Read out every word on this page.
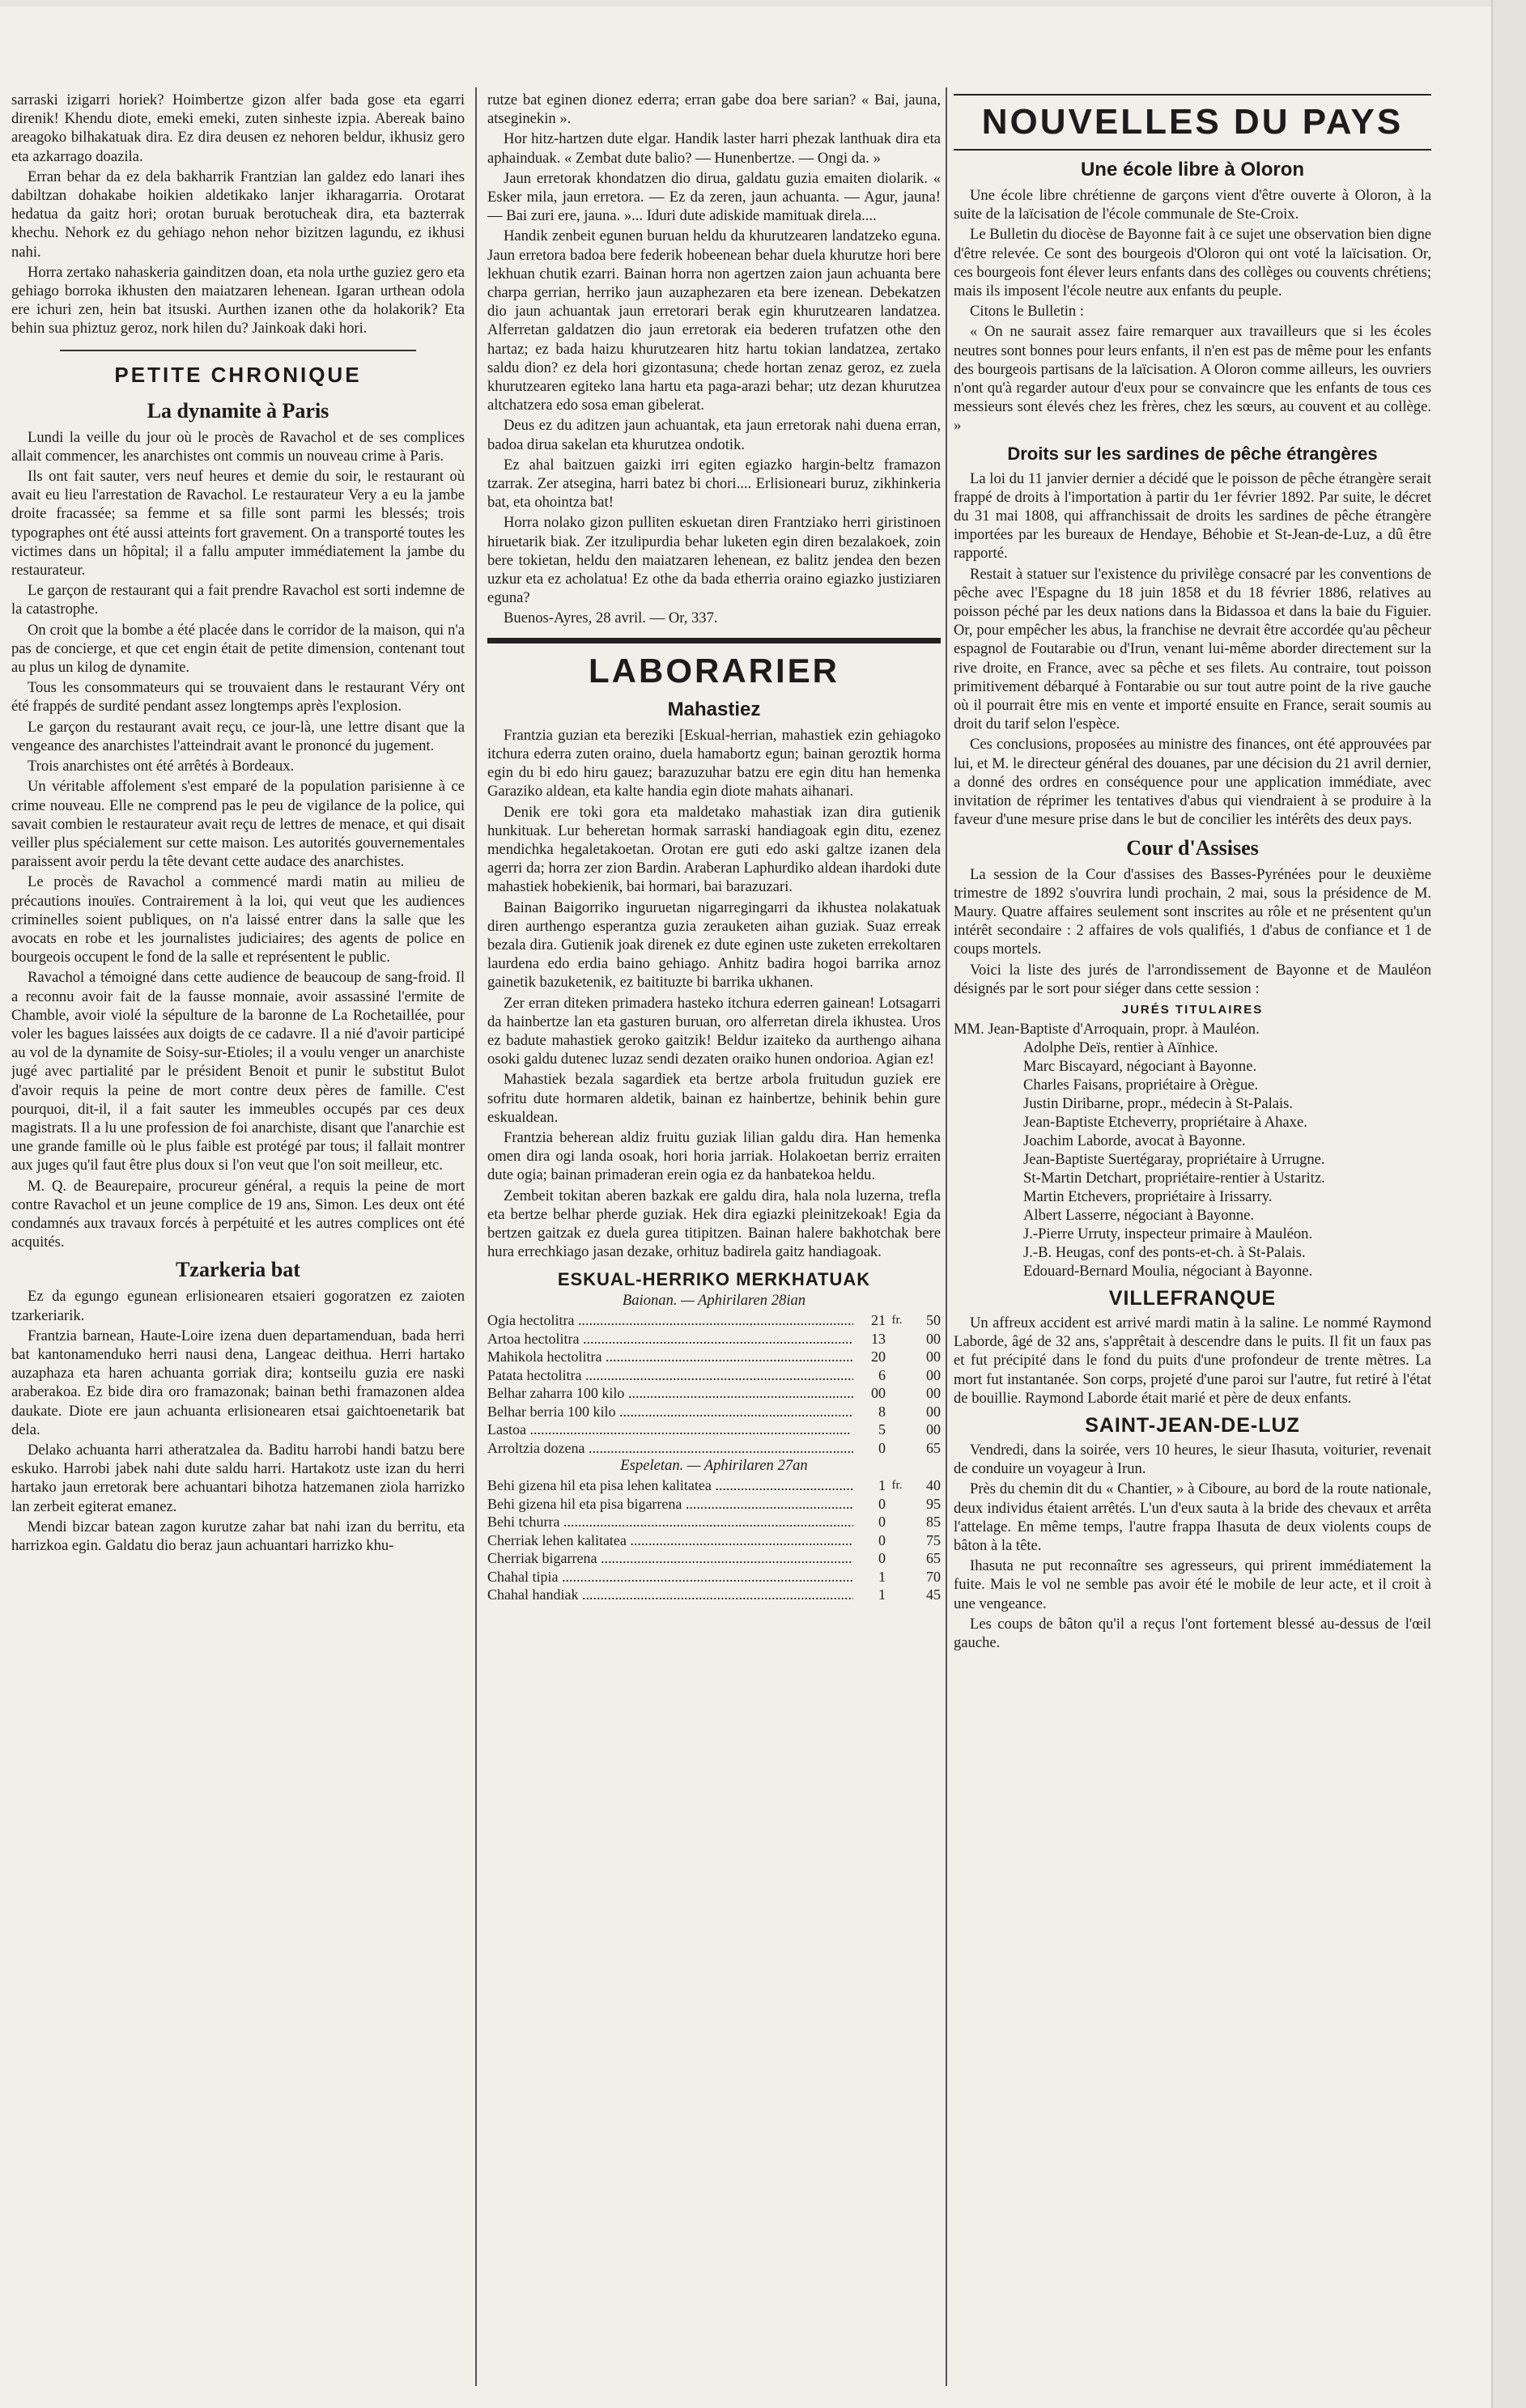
sarraski izigarri horiek? Hoimbertze gizon alfer bada gose eta egarri direnik! Khendu diote, emeki emeki, zuten sinheste izpia. Abereak baino areagoko bilhakatuak dira. Ez dira deusen ez nehoren beldur, ikhusiz gero eta azkarrago doazila.

Erran behar da ez dela bakharrik Frantzian lan galdez edo lanari ihes dabiltzan dohakabe hoikien aldetikako lanjer ikharagarria. Orotarat hedatua da gaitz hori; orotan buruak berotucheak dira, eta bazterrak khechu. Nehork ez du gehiago nehon nehor bizitzen lagundu, ez ikhusi nahi.

Horra zertako nahaskeria gainditzen doan, eta nola urthe guziez gero eta gehiago borroka ikhusten den maiatzaren lehenean. Igaran urthean odola ere ichuri zen, hein bat itsuski. Aurthen izanen othe da holakorik? Eta behin sua phiztuz geroz, nork hilen du? Jainkoak daki hori.

PETITE CHRONIQUE
La dynamite à Paris

Lundi la veille du jour où le procès de Ravachol et de ses complices allait commencer, les anarchistes ont commis un nouveau crime à Paris.

Ils ont fait sauter, vers neuf heures et demie du soir, le restaurant où avait eu lieu l'arrestation de Ravachol. Le restaurateur Very a eu la jambe droite fracassée; sa femme et sa fille sont parmi les blessés; trois typographes ont été aussi atteints fort gravement. On a transporté toutes les victimes dans un hôpital; il a fallu amputer immédiatement la jambe du restaurateur.

Le garçon de restaurant qui a fait prendre Ravachol est sorti indemne de la catastrophe.

On croit que la bombe a été placée dans le corridor de la maison, qui n'a pas de concierge, et que cet engin était de petite dimension, contenant tout au plus un kilog de dynamite.

Tous les consommateurs qui se trouvaient dans le restaurant Véry ont été frappés de surdité pendant assez longtemps après l'explosion.

Le garçon du restaurant avait reçu, ce jour-là, une lettre disant que la vengeance des anarchistes l'atteindrait avant le prononcé du jugement.

Trois anarchistes ont été arrêtés à Bordeaux.

Un véritable affolement s'est emparé de la population parisienne à ce crime nouveau. Elle ne comprend pas le peu de vigilance de la police, qui savait combien le restaurateur avait reçu de lettres de menace, et qui disait veiller plus spécialement sur cette maison. Les autorités gouvernementales paraissent avoir perdu la tête devant cette audace des anarchistes.

Le procès de Ravachol a commencé mardi matin au milieu de précautions inouïes. Contrairement à la loi, qui veut que les audiences criminelles soient publiques, on n'a laissé entrer dans la salle que les avocats en robe et les journalistes judiciaires; des agents de police en bourgeois occupent le fond de la salle et représentent le public.

Ravachol a témoigné dans cette audience de beaucoup de sang-froid. Il a reconnu avoir fait de la fausse monnaie, avoir assassiné l'ermite de Chamble, avoir violé la sépulture de la baronne de La Rochetaillée, pour voler les bagues laissées aux doigts de ce cadavre. Il a nié d'avoir participé au vol de la dynamite de Soisy-sur-Etioles; il a voulu venger un anarchiste jugé avec partialité par le président Benoit et punir le substitut Bulot d'avoir requis la peine de mort contre deux pères de famille. C'est pourquoi, dit-il, il a fait sauter les immeubles occupés par ces deux magistrats. Il a lu une profession de foi anarchiste, disant que l'anarchie est une grande famille où le plus faible est protégé par tous; il fallait montrer aux juges qu'il faut être plus doux si l'on veut que l'on soit meilleur, etc.

M. Q. de Beaurepaire, procureur général, a requis la peine de mort contre Ravachol et un jeune complice de 19 ans, Simon. Les deux ont été condamnés aux travaux forcés à perpétuité et les autres complices ont été acquités.

Tzarkeria bat

Ez da egungo egunean erlisionearen etsaieri gogoratzen ez zaioten tzarkeriarik.

Frantzia barnean, Haute-Loire izena duen departamenduan, bada herri bat kantonamenduko herri nausi dena, Langeac deithua. Herri hartako auzaphaza eta haren achuanta gorriak dira; kontseilu guzia ere naski araberakoa. Ez bide dira oro framazonak; bainan bethi framazonen aldea daukate. Diote ere jaun achuanta erlisionearen etsai gaichtoenetarik bat dela.

Delako achuanta harri atheratzalea da. Baditu harrobi handi batzu bere eskuko. Harrobi jabek nahi dute saldu harri. Hartakotz uste izan du herri hartako jaun erretorak bere achuantari bihotza hatzemanen ziola harrizko lan zerbeit egiterat emanez.

Mendi bizcar batean zagon kurutze zahar bat nahi izan du berritu, eta harrizkoa egin. Galdatu dio beraz jaun achuantari harrizko khu-

rutze bat eginen dionez ederra; erran gabe doa bere sarian? « Bai, jauna, atseginekin ».

Hor hitz-hartzen dute elgar. Handik laster harri phezak lanthuak dira eta aphainduak. « Zembat dute balio? — Hunenbertze. — Ongi da. »

Jaun erretorak khondatzen dio dirua, galdatu guzia emaiten diolarik. « Esker mila, jaun erretora. — Ez da zeren, jaun achuanta. — Agur, jauna! — Bai zuri ere, jauna. »... Iduri dute adiskide mamituak direla....

Handik zenbeit egunen buruan heldu da khurutzearen landatzeko eguna. Jaun erretora badoa bere federik hobeenean behar duela khurutze hori bere lekhuan chutik ezarri. Bainan horra non agertzen zaion jaun achuanta bere charpa gerrian, herriko jaun auzaphezaren eta bere izenean. Debekatzen dio jaun achuantak jaun erretorari berak egin khurutzearen landatzea. Alferretan galdatzen dio jaun erretorak eia bederen trufatzen othe den hartaz; ez bada haizu khurutzearen hitz hartu tokian landatzea, zertako saldu dion? ez dela hori gizontasuna; chede hortan zenaz geroz, ez zuela khurutzearen egiteko lana hartu eta paga-arazi behar; utz dezan khurutzea altchatzera edo sosa eman gibelerat.

Deus ez du aditzen jaun achuantak, eta jaun erretorak nahi duena erran, badoa dirua sakelan eta khurutzea ondotik.

Ez ahal baitzuen gaizki irri egiten egiazko hargin-beltz framazon tzarrak. Zer atsegina, harri batez bi chori.... Erlisioneari buruz, zikhinkeria bat, eta ohointza bat!

Horra nolako gizon pulliten eskuetan diren Frantziako herri giristinoen hiruetarik biak. Zer itzulipurdia behar luketen egin diren bezalakoek, zoin bere tokietan, heldu den maiatzaren lehenean, ez balitz jendea den bezen uzkur eta ez acholatua! Ez othe da bada etherria oraino egiazko justiziaren eguna?

Buenos-Ayres, 28 avril. — Or, 337.

LABORARIER
Mahastiez

Frantzia guzian eta bereziki [Eskual-herrian, mahastiek ezin gehiagoko itchura ederra zuten oraino, duela hamabortz egun; bainan geroztik horma egin du bi edo hiru gauez; barazuzuhar batzu ere egin ditu han hemenka Garaziko aldean, eta kalte handia egin diote mahats aihanari.

Denik ere toki gora eta maldetako mahastiak izan dira gutienik hunkituak. Lur beheretan hormak sarraski handiagoak egin ditu, ezenez mendichka hegaletakoetan. Orotan ere guti edo aski galtze izanen dela agerri da; horra zer zion Bardin. Araberan Laphurdiko aldean ihardoki dute mahastiek hobekienik, bai hormari, bai barazuzari.

Bainan Baigorriko inguruetan nigarregingarri da ikhustea nolakatuak diren aurthengo esperantza guzia zerauketen aihan guziak. Suaz erreak bezala dira. Gutienik joak direnek ez dute eginen uste zuketen errekoltaren laurdena edo erdia baino gehiago. Anhitz badira hogoi barrika arnoz gainetik bazuketenik, ez baitituzte bi barrika ukhanen.

Zer erran diteken primadera hasteko itchura ederren gainean! Lotsagarri da hainbertze lan eta gasturen buruan, oro alferretan direla ikhustea. Uros ez badute mahastiek geroko gaitzik! Beldur izaiteko da aurthengo aihana osoki galdu dutenec luzaz sendi dezaten oraiko hunen ondorioa. Agian ez!

Mahastiek bezala sagardiek eta bertze arbola fruitudun guziek ere sofritu dute hormaren aldetik, bainan ez hainbertze, behinik behin gure eskualdean.

Frantzia beherean aldiz fruitu guziak lilian galdu dira. Han hemenka omen dira ogi landa osoak, hori horia jarriak. Holakoetan berriz erraiten dute ogia; bainan primaderan erein ogia ez da hanbatekoa heldu.

Zembeit tokitan aberen bazkak ere galdu dira, hala nola luzerna, trefla eta bertze belhar pherde guziak. Hek dira egiazki pleinitzekoak! Egia da bertzen gaitzak ez duela gurea titipitzen. Bainan halere bakhotchak bere hura errechkiago jasan dezake, orhituz badirela gaitz handiagoak.

ESKUAL-HERRIKO MERKHATUAK
Baionan. — Aphirilaren 28ian
Ogia hectolitra .....	21 fr.	50
Artoa hectolitra .....	13	00
Mahikola hectolitra .....	20	00
Patata hectolitra .....	6	00
Belhar zaharra 100 kilo .....	00	00
Belhar berria 100 kilo .....	8	00
Lastoa .....	5	00
Arroltzia dozena .....	0	65
Espeletan. — Aphirilaren 27an
Behi gizena hil eta pisa lehen kalitatea .....	1 fr.	40
Behi gizena hil eta pisa bigarrena .....	0	95
Behi tchurra .....	0	85
Cherriak lehen kalitatea .....	0	75
Cherriak bigarrena .....	0	65
Chahal tipia .....	1	70
Chahal handiak .....	1	45
NOUVELLES DU PAYS
Une école libre à Oloron

Une école libre chrétienne de garçons vient d'être ouverte à Oloron, à la suite de la laïcisation de l'école communale de Ste-Croix.

Le Bulletin du diocèse de Bayonne fait à ce sujet une observation bien digne d'être relevée. Ce sont des bourgeois d'Oloron qui ont voté la laïcisation. Or, ces bourgeois font élever leurs enfants dans des collèges ou couvents chrétiens; mais ils imposent l'école neutre aux enfants du peuple.

Citons le Bulletin :

« On ne saurait assez faire remarquer aux travailleurs que si les écoles neutres sont bonnes pour leurs enfants, il n'en est pas de même pour les enfants des bourgeois partisans de la laïcisation. A Oloron comme ailleurs, les ouvriers n'ont qu'à regarder autour d'eux pour se convaincre que les enfants de tous ces messieurs sont élevés chez les frères, chez les sœurs, au couvent et au collège. »

Droits sur les sardines de pêche étrangères

La loi du 11 janvier dernier a décidé que le poisson de pêche étrangère serait frappé de droits à l'importation à partir du 1er février 1892. Par suite, le décret du 31 mai 1808, qui affranchissait de droits les sardines de pêche étrangère importées par les bureaux de Hendaye, Béhobie et St-Jean-de-Luz, a dû être rapporté.

Restait à statuer sur l'existence du privilège consacré par les conventions de pêche avec l'Espagne du 18 juin 1858 et du 18 février 1886, relatives au poisson péché par les deux nations dans la Bidassoa et dans la baie du Figuier. Or, pour empêcher les abus, la franchise ne devrait être accordée qu'au pêcheur espagnol de Foutarabie ou d'Irun, venant lui-même aborder directement sur la rive droite, en France, avec sa pêche et ses filets. Au contraire, tout poisson primitivement débarqué à Fontarabie ou sur tout autre point de la rive gauche où il pourrait être mis en vente et importé ensuite en France, serait soumis au droit du tarif selon l'espèce.

Ces conclusions, proposées au ministre des finances, ont été approuvées par lui, et M. le directeur général des douanes, par une décision du 21 avril dernier, a donné des ordres en conséquence pour une application immédiate, avec invitation de réprimer les tentatives d'abus qui viendraient à se produire à la faveur d'une mesure prise dans le but de concilier les intérêts des deux pays.

Cour d'Assises

La session de la Cour d'assises des Basses-Pyrénées pour le deuxième trimestre de 1892 s'ouvrira lundi prochain, 2 mai, sous la présidence de M. Maury. Quatre affaires seulement sont inscrites au rôle et ne présentent qu'un intérêt secondaire : 2 affaires de vols qualifiés, 1 d'abus de confiance et 1 de coups mortels.

Voici la liste des jurés de l'arrondissement de Bayonne et de Mauléon désignés par le sort pour siéger dans cette session :

JURÉS TITULAIRES
MM. Jean-Baptiste d'Arroquain, propr. à Mauléon.
Adolphe Deïs, rentier à Aïnhice.
Marc Biscayard, négociant à Bayonne.
Charles Faisans, propriétaire à Orègue.
Justin Diribarne, propr., médecin à St-Palais.
Jean-Baptiste Etcheverry, propriétaire à Ahaxe.
Joachim Laborde, avocat à Bayonne.
Jean-Baptiste Suertégaray, propriétaire à Urrugne.
St-Martin Detchart, propriétaire-rentier à Ustaritz.
Martin Etchevers, propriétaire à Irissarry.
Albert Lasserre, négociant à Bayonne.
J.-Pierre Urruty, inspecteur primaire à Mauléon.
J.-B. Heugas, conf des ponts-et-ch. à St-Palais.
Edouard-Bernard Moulia, négociant à Bayonne.
VILLEFRANQUE

Un affreux accident est arrivé mardi matin à la saline. Le nommé Raymond Laborde, âgé de 32 ans, s'apprêtait à descendre dans le puits. Il fit un faux pas et fut précipité dans le fond du puits d'une profondeur de trente mètres. La mort fut instantanée. Son corps, projeté d'une paroi sur l'autre, fut retiré à l'état de bouillie. Raymond Laborde était marié et père de deux enfants.

SAINT-JEAN-DE-LUZ

Vendredi, dans la soirée, vers 10 heures, le sieur Ihasuta, voiturier, revenait de conduire un voyageur à Irun.

Près du chemin dit du « Chantier, » à Ciboure, au bord de la route nationale, deux individus étaient arrêtés. L'un d'eux sauta à la bride des chevaux et arrêta l'attelage. En même temps, l'autre frappa Ihasuta de deux violents coups de bâton à la tête.

Ihasuta ne put reconnaître ses agresseurs, qui prirent immédiatement la fuite. Mais le vol ne semble pas avoir été le mobile de leur acte, et il croit à une vengeance.

Les coups de bâton qu'il a reçus l'ont fortement blessé au-dessus de l'œil gauche.
